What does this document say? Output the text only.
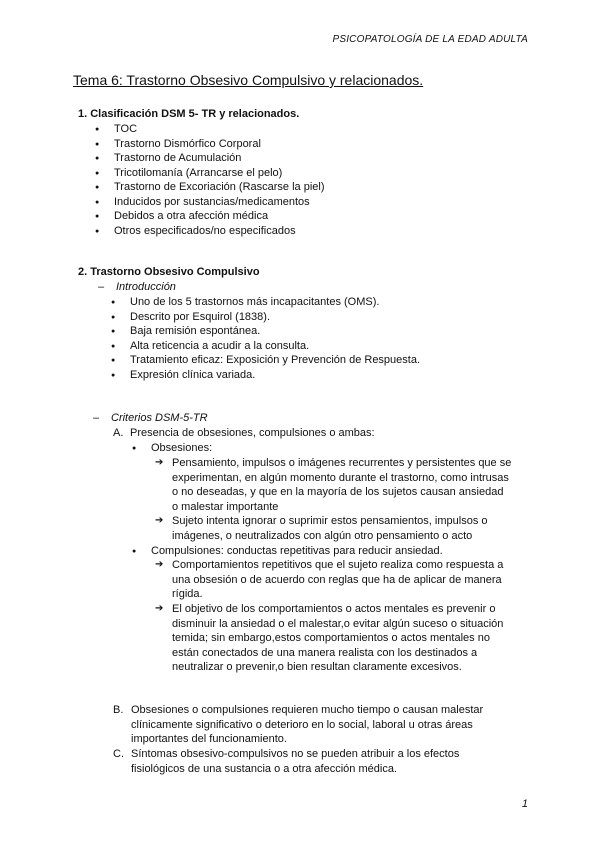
PSICOPATOLOGÍA DE LA EDAD ADULTA
Tema 6: Trastorno Obsesivo Compulsivo y relacionados.
1. Clasificación DSM 5- TR y relacionados.
● TOC
● Trastorno Dismórfico Corporal
● Trastorno de Acumulación
● Tricotilomanía (Arrancarse el pelo)
● Trastorno de Excoriación (Rascarse la piel)
● Inducidos por sustancias/medicamentos
● Debidos a otra afección médica
● Otros especificados/no especificados
2. Trastorno Obsesivo Compulsivo
– Introducción
● Uno de los 5 trastornos más incapacitantes (OMS).
● Descrito por Esquirol (1838).
● Baja remisión espontánea.
● Alta reticencia a acudir a la consulta.
● Tratamiento eficaz: Exposición y Prevención de Respuesta.
● Expresión clínica variada.
– Criterios DSM-5-TR
A. Presencia de obsesiones, compulsiones o ambas:
● Obsesiones:
➔ Pensamiento, impulsos o imágenes recurrentes y persistentes que se experimentan, en algún momento durante el trastorno, como intrusas o no deseadas, y que en la mayoría de los sujetos causan ansiedad o malestar importante
➔ Sujeto intenta ignorar o suprimir estos pensamientos, impulsos o imágenes, o neutralizados con algún otro pensamiento o acto
● Compulsiones: conductas repetitivas para reducir ansiedad.
➔ Comportamientos repetitivos que el sujeto realiza como respuesta a una obsesión o de acuerdo con reglas que ha de aplicar de manera rígida.
➔ El objetivo de los comportamientos o actos mentales es prevenir o disminuir la ansiedad o el malestar,o evitar algún suceso o situación temida; sin embargo,estos comportamientos o actos mentales no están conectados de una manera realista con los destinados a neutralizar o prevenir,o bien resultan claramente excesivos.
B. Obsesiones o compulsiones requieren mucho tiempo o causan malestar clínicamente significativo o deterioro en lo social, laboral u otras áreas importantes del funcionamiento.
C. Síntomas obsesivo-compulsivos no se pueden atribuir a los efectos fisiológicos de una sustancia o a otra afección médica.
1
